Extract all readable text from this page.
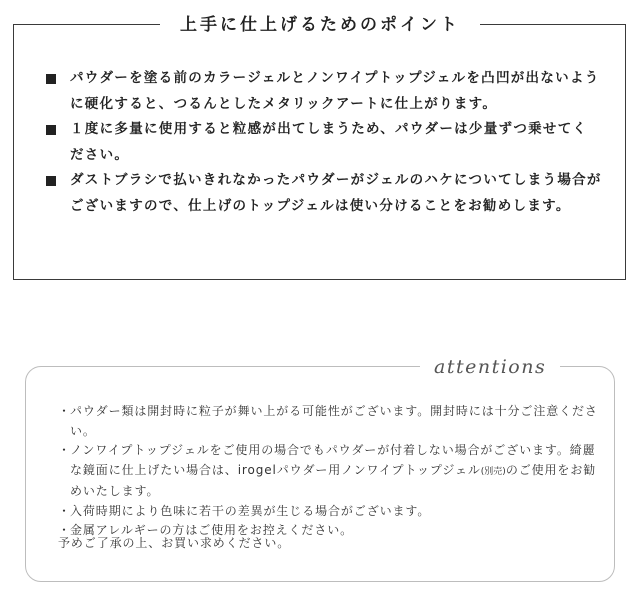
上手に仕上げるためのポイント
パウダーを塗る前のカラージェルとノンワイプトップジェルを凸凹が出ないように硬化すると、つるんとしたメタリックアートに仕上がります。
１度に多量に使用すると粒感が出てしまうため、パウダーは少量ずつ乗せてください。
ダストブラシで払いきれなかったパウダーがジェルのハケについてしまう場合がございますので、仕上げのトップジェルは使い分けることをお勧めします。
attentions
・ パウダー類は開封時に粒子が舞い上がる可能性がございます。開封時には十分ご注意ください。
・ ノンワイプトップジェルをご使用の場合でもパウダーが付着しない場合がございます。綺麗な鏡面に仕上げたい場合は、irogelパウダー用ノンワイプトップジェル(別売)のご使用をお勧めいたします。
・ 入荷時期により色味に若干の差異が生じる場合がございます。
・ 金属アレルギーの方はご使用をお控えください。
予めご了承の上、お買い求めください。
